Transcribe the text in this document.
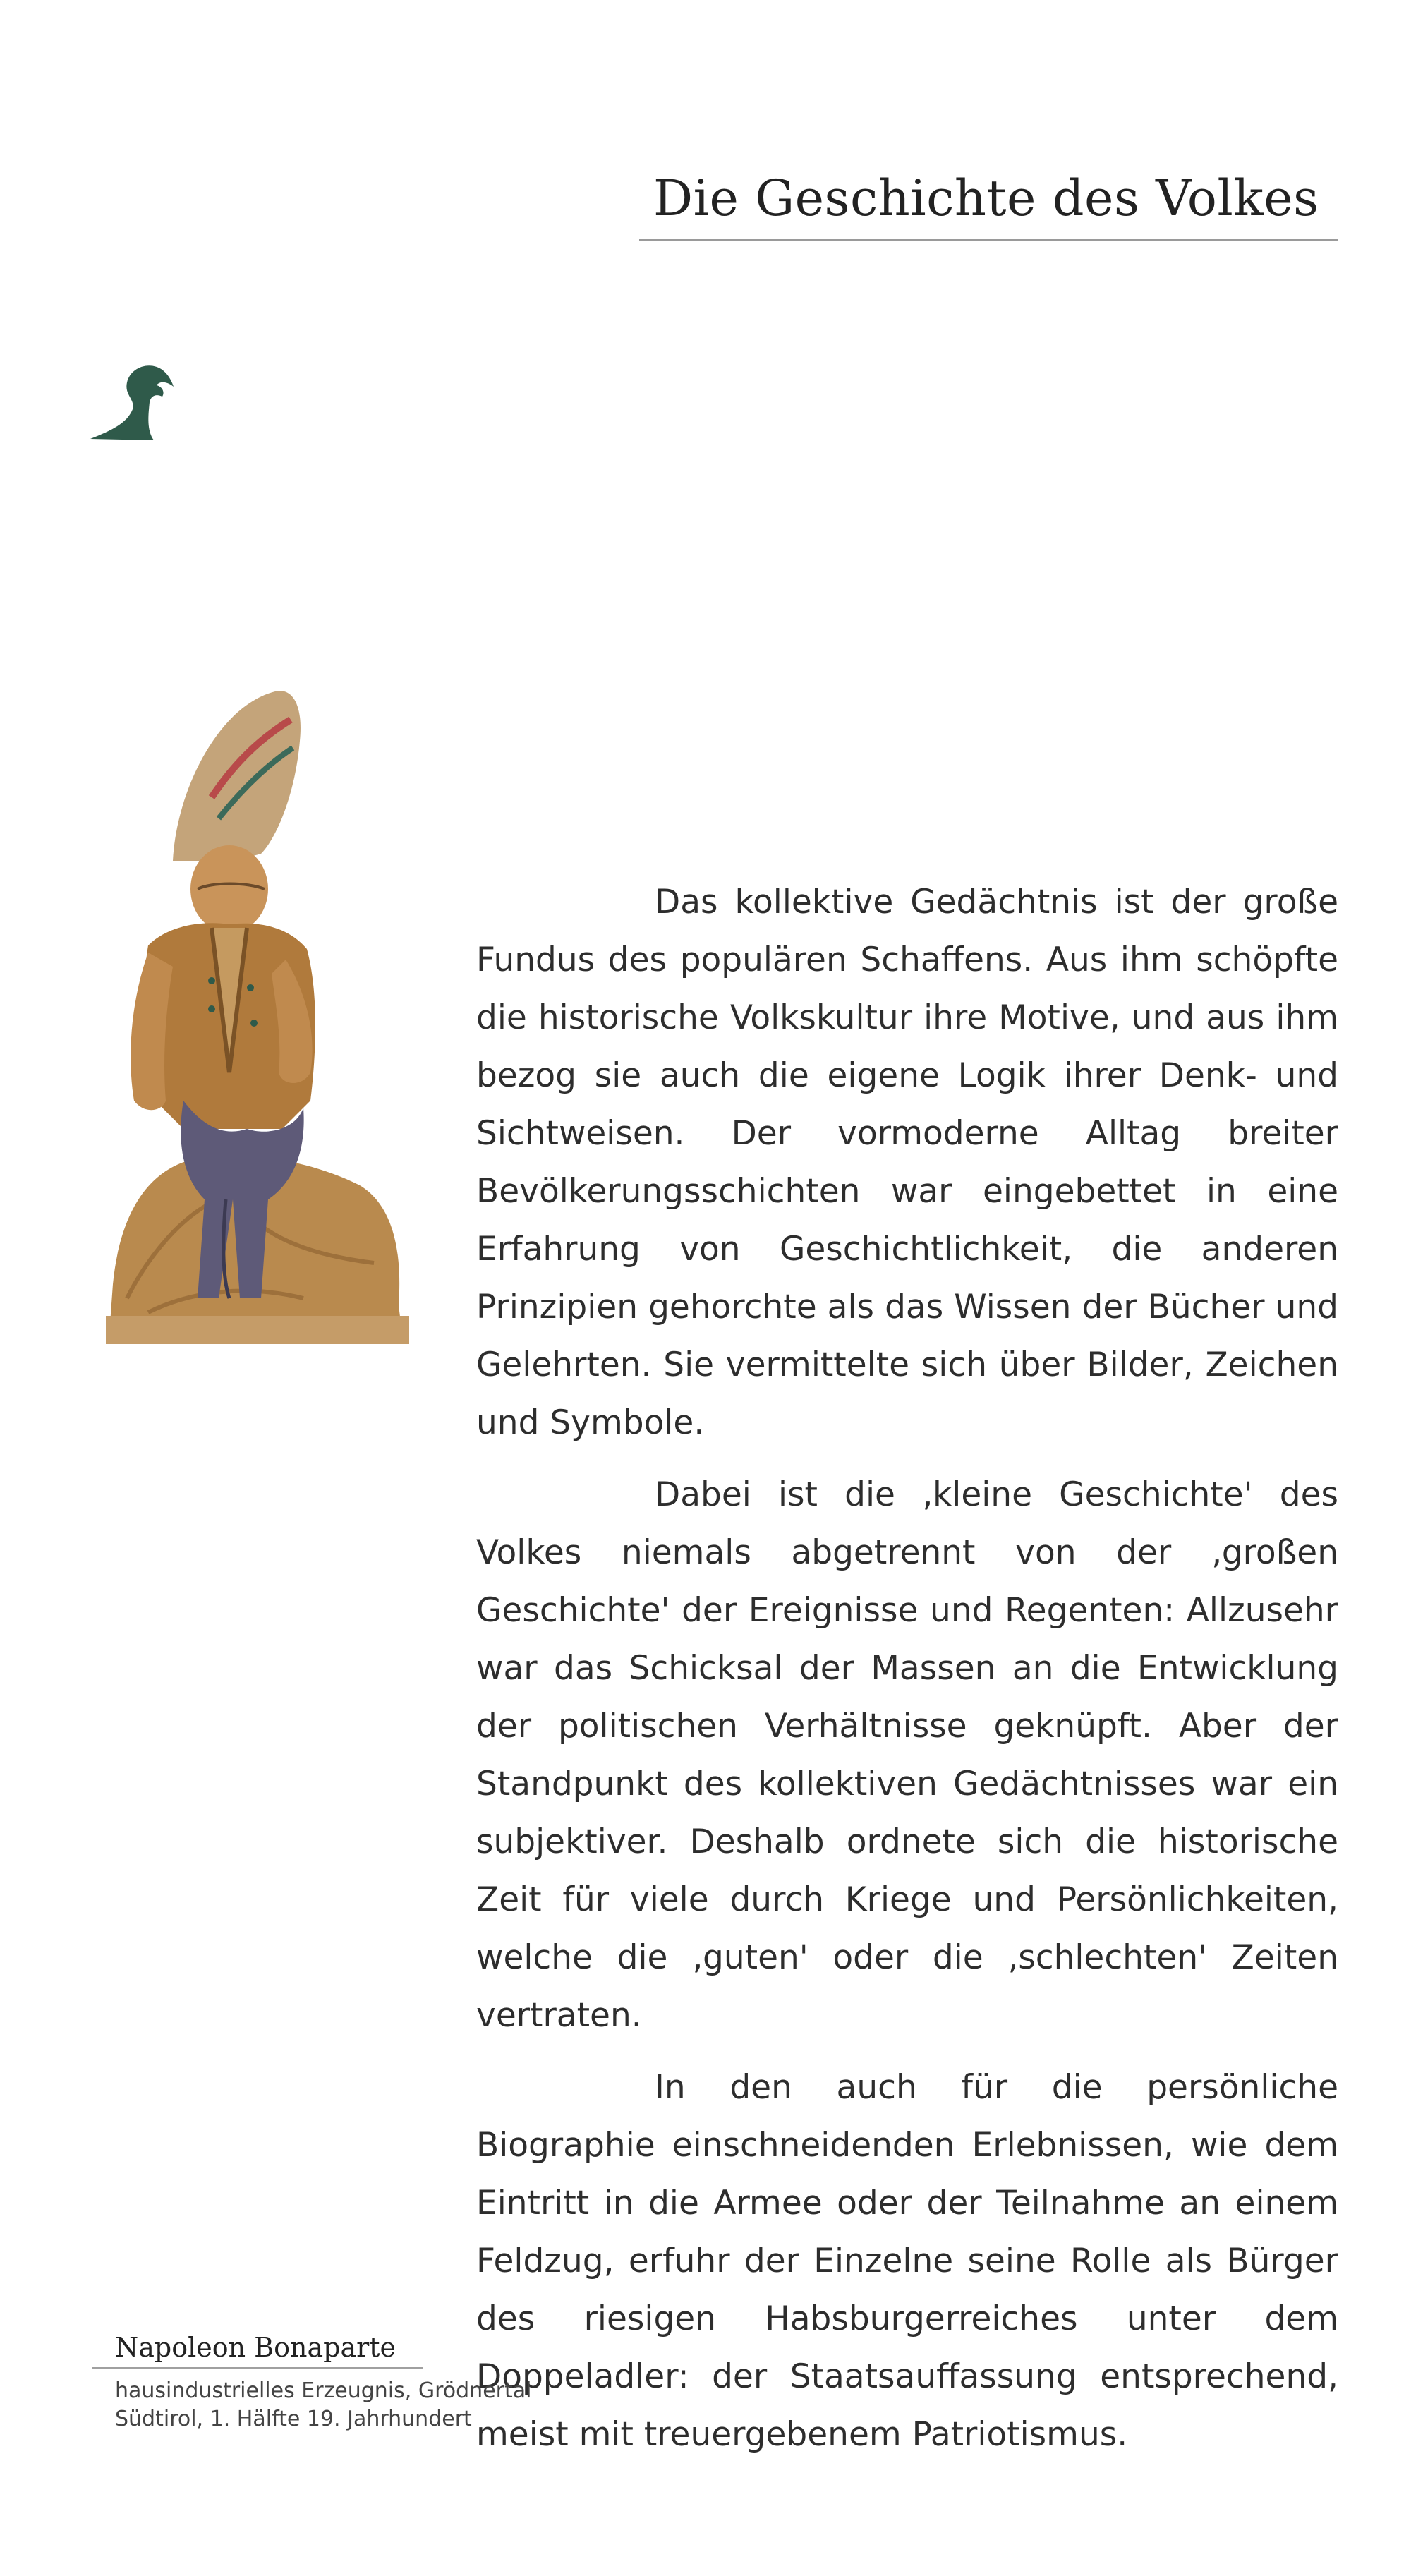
Die Geschichte des Volkes

Das kollektive Gedächtnis ist der große Fundus des populären Schaffens. Aus ihm schöpfte die historische Volkskultur ihre Motive, und aus ihm bezog sie auch die eigene Logik ihrer Denk- und Sichtweisen. Der vormoderne Alltag breiter Bevölkerungsschichten war eingebettet in eine Erfahrung von Geschichtlichkeit, die anderen Prinzipien gehorchte als das Wissen der Bücher und Gelehrten. Sie vermittelte sich über Bilder, Zeichen und Symbole.

Dabei ist die ‚kleine Geschichte' des Volkes niemals abgetrennt von der ‚großen Geschichte' der Ereignisse und Regenten: Allzusehr war das Schicksal der Massen an die Entwicklung der politischen Verhältnisse geknüpft. Aber der Standpunkt des kollektiven Gedächtnisses war ein subjektiver. Deshalb ordnete sich die historische Zeit für viele durch Kriege und Persönlichkeiten, welche die ‚guten' oder die ‚schlechten' Zeiten vertraten.

In den auch für die persönliche Biographie einschneidenden Erlebnissen, wie dem Eintritt in die Armee oder der Teilnahme an einem Feldzug, erfuhr der Einzelne seine Rolle als Bürger des riesigen Habsburgerreiches unter dem Doppeladler: der Staatsauffassung entsprechend, meist mit treuergebenem Patriotismus.

Napoleon Bonaparte
hausindustrielles Erzeugnis, Grödnertal
Südtirol, 1. Hälfte 19. Jahrhundert
